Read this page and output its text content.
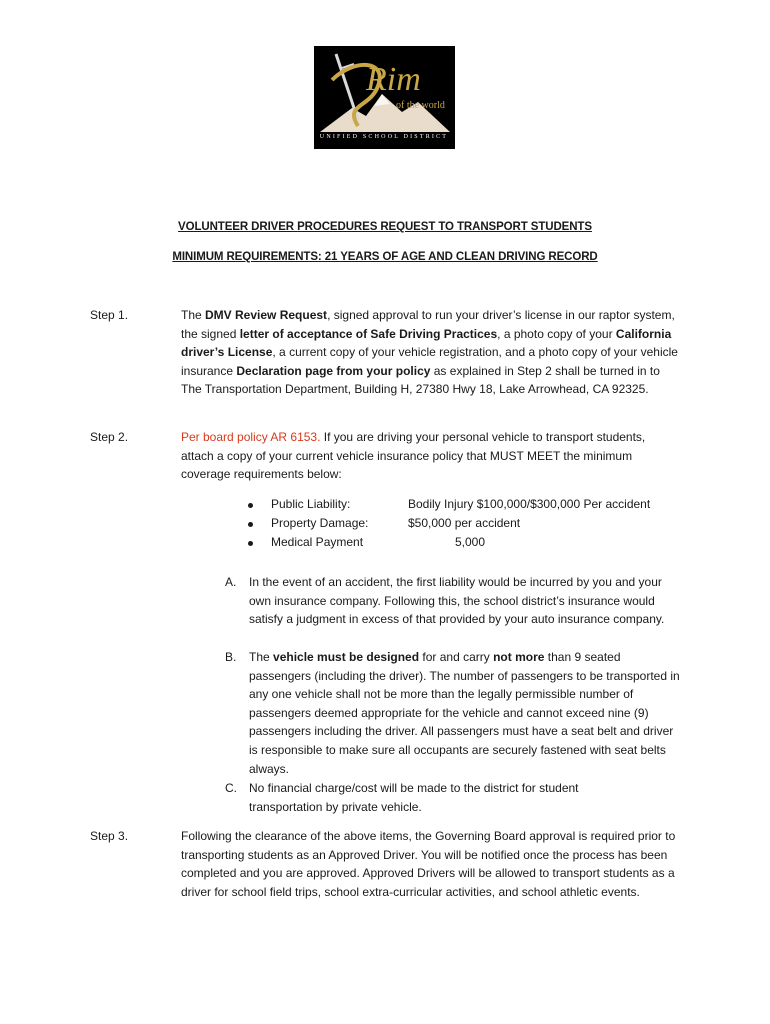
Rim
of the world
UNIFIED SCHOOL DISTRICT
VOLUNTEER DRIVER PROCEDURES REQUEST TO TRANSPORT STUDENTS
MINIMUM REQUIREMENTS: 21 YEARS OF AGE AND CLEAN DRIVING RECORD
Step 1.	The DMV Review Request, signed approval to run your driver’s license in our raptor system, the signed letter of acceptance of Safe Driving Practices, a photo copy of your California driver’s License, a current copy of your vehicle registration, and a photo copy of your vehicle insurance Declaration page from your policy as explained in Step 2 shall be turned in to The Transportation Department, Building H, 27380 Hwy 18, Lake Arrowhead, CA 92325.
Step 2.	Per board policy AR 6153. If you are driving your personal vehicle to transport students, attach a copy of your current vehicle insurance policy that MUST MEET the minimum coverage requirements below:
Public Liability:	Bodily Injury $100,000/$300,000 Per accident
Property Damage:	$50,000 per accident
Medical Payment	5,000
A. In the event of an accident, the first liability would be incurred by you and your own insurance company. Following this, the school district’s insurance would satisfy a judgment in excess of that provided by your auto insurance company.
B. The vehicle must be designed for and carry not more than 9 seated passengers (including the driver). The number of passengers to be transported in any one vehicle shall not be more than the legally permissible number of passengers deemed appropriate for the vehicle and cannot exceed nine (9) passengers including the driver. All passengers must have a seat belt and driver is responsible to make sure all occupants are securely fastened with seat belts always.
C. No financial charge/cost will be made to the district for student transportation by private vehicle.
Step 3.	Following the clearance of the above items, the Governing Board approval is required prior to transporting students as an Approved Driver. You will be notified once the process has been completed and you are approved. Approved Drivers will be allowed to transport students as a driver for school field trips, school extra-curricular activities, and school athletic events.
